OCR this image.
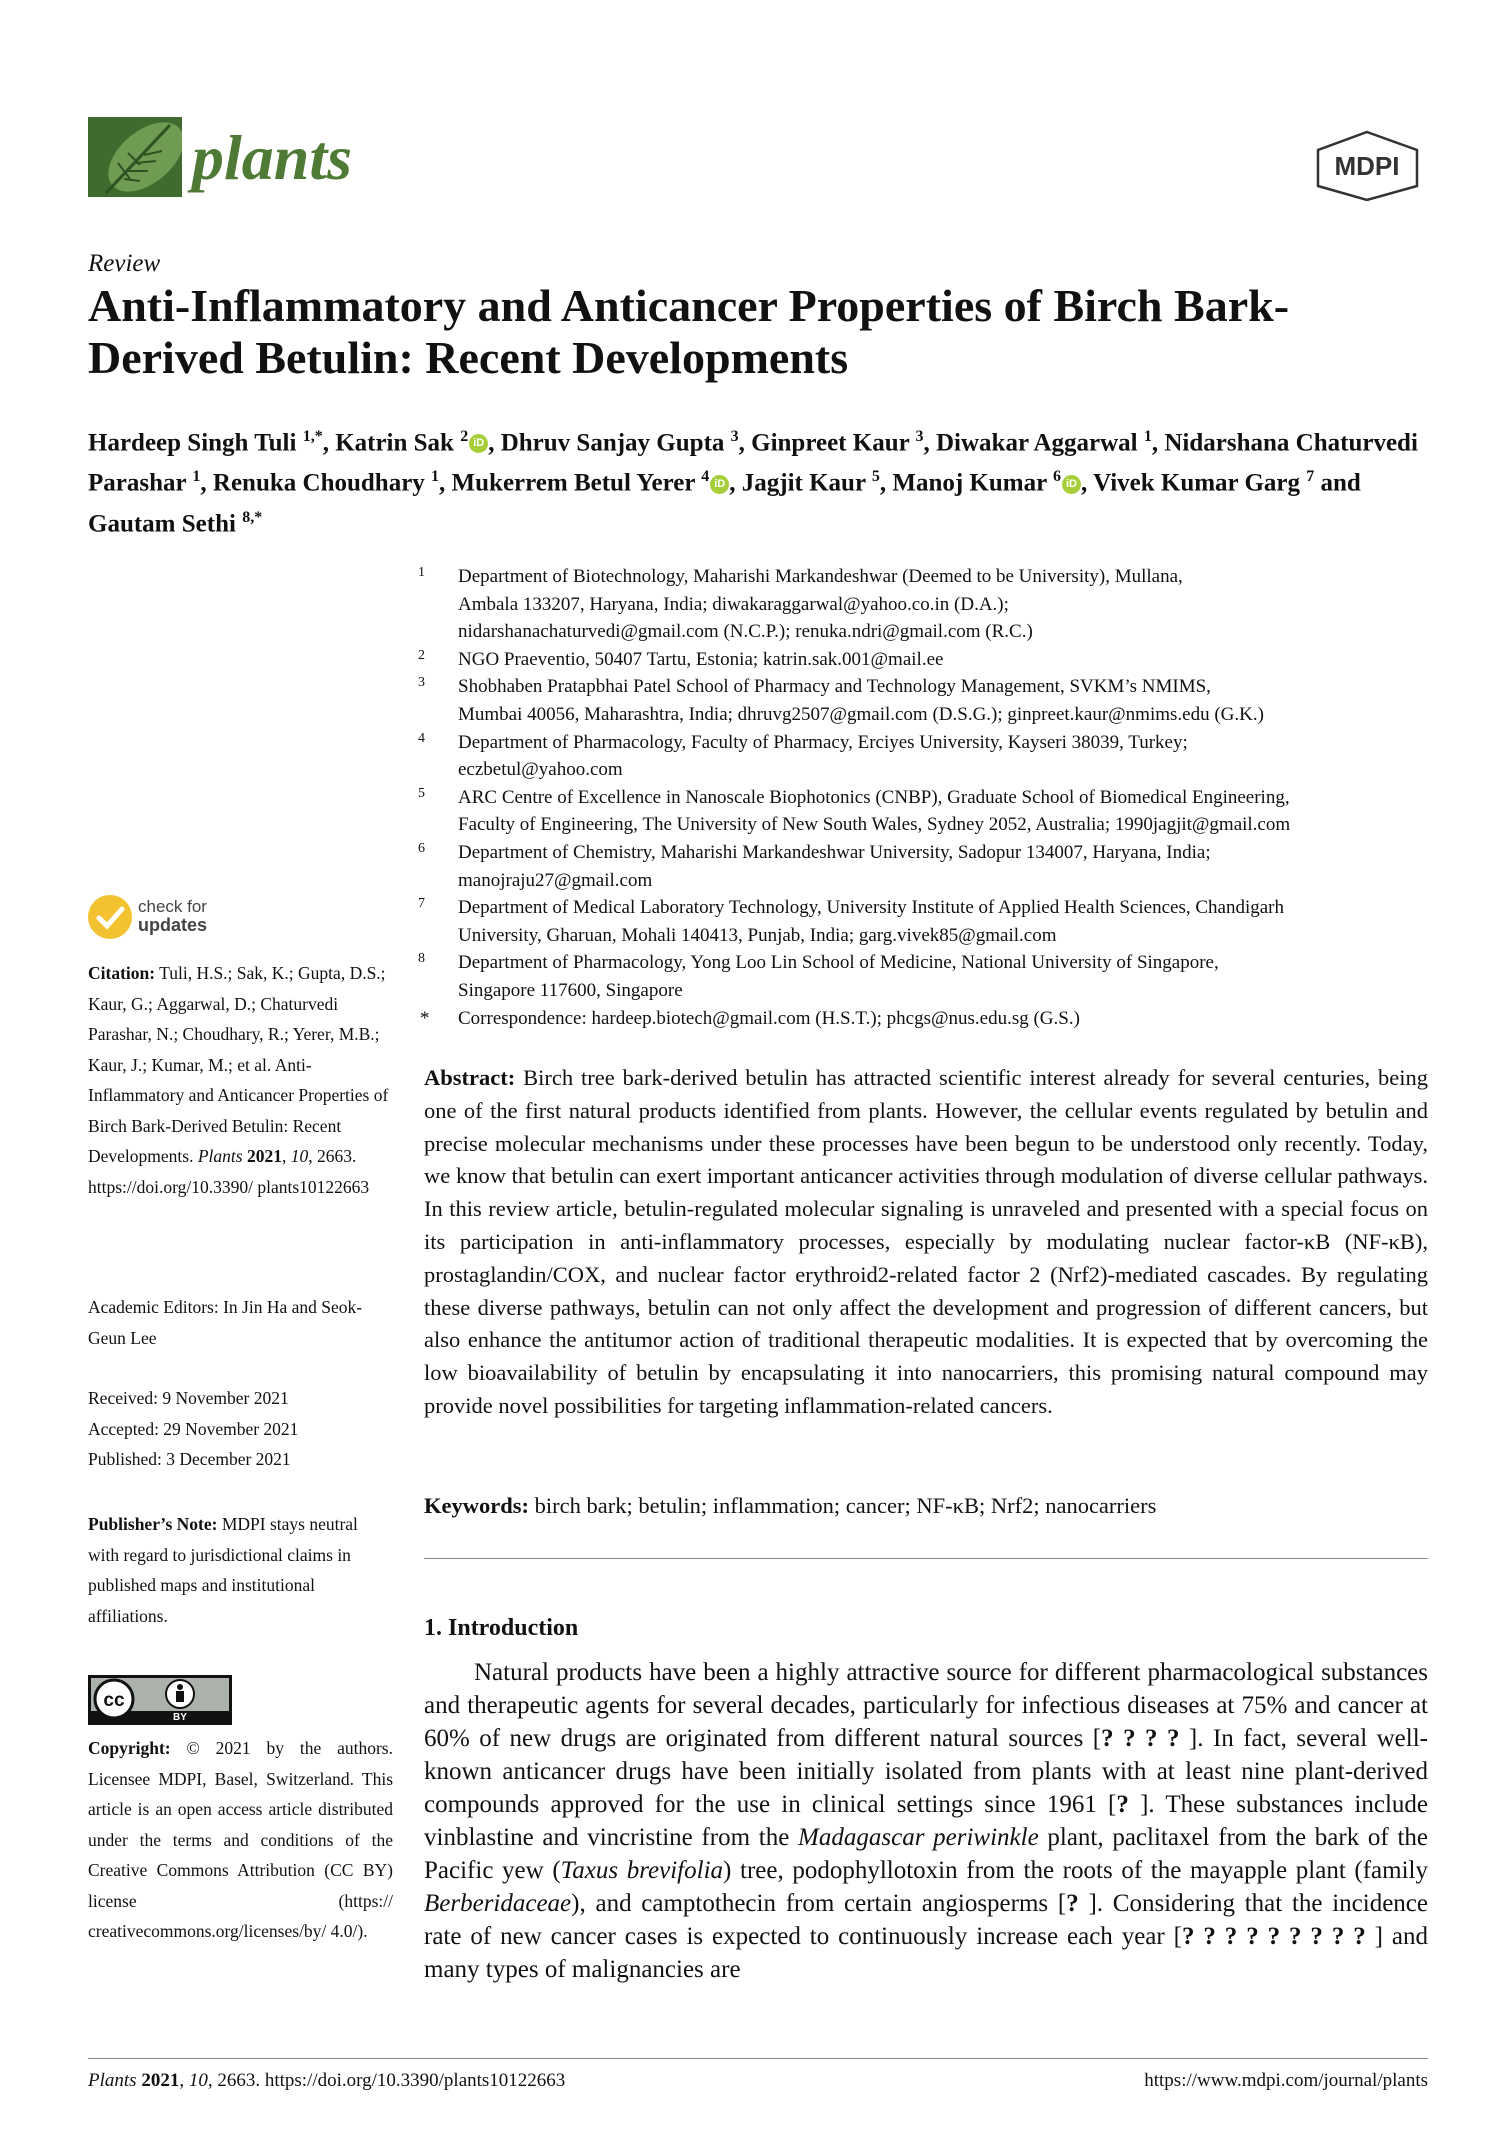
plants	MDPI
Review
Anti-Inflammatory and Anticancer Properties of Birch Bark-Derived Betulin: Recent Developments
Hardeep Singh Tuli $^{1,*}$, Katrin Sak $^2$ iD , Dhruv Sanjay Gupta $^3$, Ginpreet Kaur $^3$, Diwakar Aggarwal $^1$, Nidarshana Chaturvedi Parashar $^1$, Renuka Choudhary $^1$, Mukerrem Betul Yerer $^4$ iD , Jagjit Kaur $^5$, Manoj Kumar $^6$ iD , Vivek Kumar Garg $^7$ and Gautam Sethi $^{8,*}$
1 Department of Biotechnology, Maharishi Markandeshwar (Deemed to be University), Mullana,
Ambala 133207, Haryana, India; diwakaraggarwal@yahoo.co.in (D.A.);
nidarshanachaturvedi@gmail.com (N.C.P.); renuka.ndri@gmail.com (R.C.)
2 NGO Praeventio, 50407 Tartu, Estonia; katrin.sak.001@mail.ee
3 Shobhaben Pratapbhai Patel School of Pharmacy and Technology Management, SVKM’s NMIMS,
Mumbai 40056, Maharashtra, India; dhruvg2507@gmail.com (D.S.G.); ginpreet.kaur@nmims.edu (G.K.)
4 Department of Pharmacology, Faculty of Pharmacy, Erciyes University, Kayseri 38039, Turkey;
eczbetul@yahoo.com
5 ARC Centre of Excellence in Nanoscale Biophotonics (CNBP), Graduate School of Biomedical Engineering,
Faculty of Engineering, The University of New South Wales, Sydney 2052, Australia; 1990jagjit@gmail.com
6 Department of Chemistry, Maharishi Markandeshwar University, Sadopur 134007, Haryana, India;
manojraju27@gmail.com
7 Department of Medical Laboratory Technology, University Institute of Applied Health Sciences, Chandigarh
University, Gharuan, Mohali 140413, Punjab, India; garg.vivek85@gmail.com
8 Department of Pharmacology, Yong Loo Lin School of Medicine, National University of Singapore,
Singapore 117600, Singapore
* Correspondence: hardeep.biotech@gmail.com (H.S.T.); phcgs@nus.edu.sg (G.S.)
check for
updates
Citation: Tuli, H.S.; Sak, K.; Gupta, D.S.; Kaur, G.; Aggarwal, D.; Chaturvedi Parashar, N.; Choudhary, R.; Yerer, M.B.; Kaur, J.; Kumar, M.; et al. Anti-Inflammatory and Anticancer Properties of Birch Bark-Derived Betulin: Recent Developments. Plants 2021, 10, 2663. https://doi.org/10.3390/ plants10122663
Academic Editors: In Jin Ha and Seok-Geun Lee
Received: 9 November 2021
Accepted: 29 November 2021
Published: 3 December 2021
Publisher’s Note: MDPI stays neutral with regard to jurisdictional claims in published maps and institutional affiliations.
cc
BY
Copyright: © 2021 by the authors. Licensee MDPI, Basel, Switzerland. This article is an open access article distributed under the terms and conditions of the Creative Commons Attribution (CC BY) license (https:// creativecommons.org/licenses/by/ 4.0/).
Abstract: Birch tree bark-derived betulin has attracted scientific interest already for several centuries, being one of the first natural products identified from plants. However, the cellular events regulated by betulin and precise molecular mechanisms under these processes have been begun to be understood only recently. Today, we know that betulin can exert important anticancer activities through modulation of diverse cellular pathways. In this review article, betulin-regulated molecular signaling is unraveled and presented with a special focus on its participation in anti-inflammatory processes, especially by modulating nuclear factor-κB (NF-κB), prostaglandin/COX, and nuclear factor erythroid2-related factor 2 (Nrf2)-mediated cascades. By regulating these diverse pathways, betulin can not only affect the development and progression of different cancers, but also enhance the antitumor action of traditional therapeutic modalities. It is expected that by overcoming the low bioavailability of betulin by encapsulating it into nanocarriers, this promising natural compound may provide novel possibilities for targeting inflammation-related cancers.
Keywords: birch bark; betulin; inflammation; cancer; NF-κB; Nrf2; nanocarriers
1. Introduction
Natural products have been a highly attractive source for different pharmacological substances and therapeutic agents for several decades, particularly for infectious diseases at 75% and cancer at 60% of new drugs are originated from different natural sources [? ? ? ? ]. In fact, several well-known anticancer drugs have been initially isolated from plants with at least nine plant-derived compounds approved for the use in clinical settings since 1961 [? ]. These substances include vinblastine and vincristine from the Madagascar periwinkle plant, paclitaxel from the bark of the Pacific yew (Taxus brevifolia) tree, podophyllotoxin from the roots of the mayapple plant (family Berberidaceae), and camptothecin from certain angiosperms [? ]. Considering that the incidence rate of new cancer cases is expected to continuously increase each year [? ? ? ? ? ? ? ? ? ] and many types of malignancies are
Plants 2021, 10, 2663. https://doi.org/10.3390/plants10122663	https://www.mdpi.com/journal/plants
